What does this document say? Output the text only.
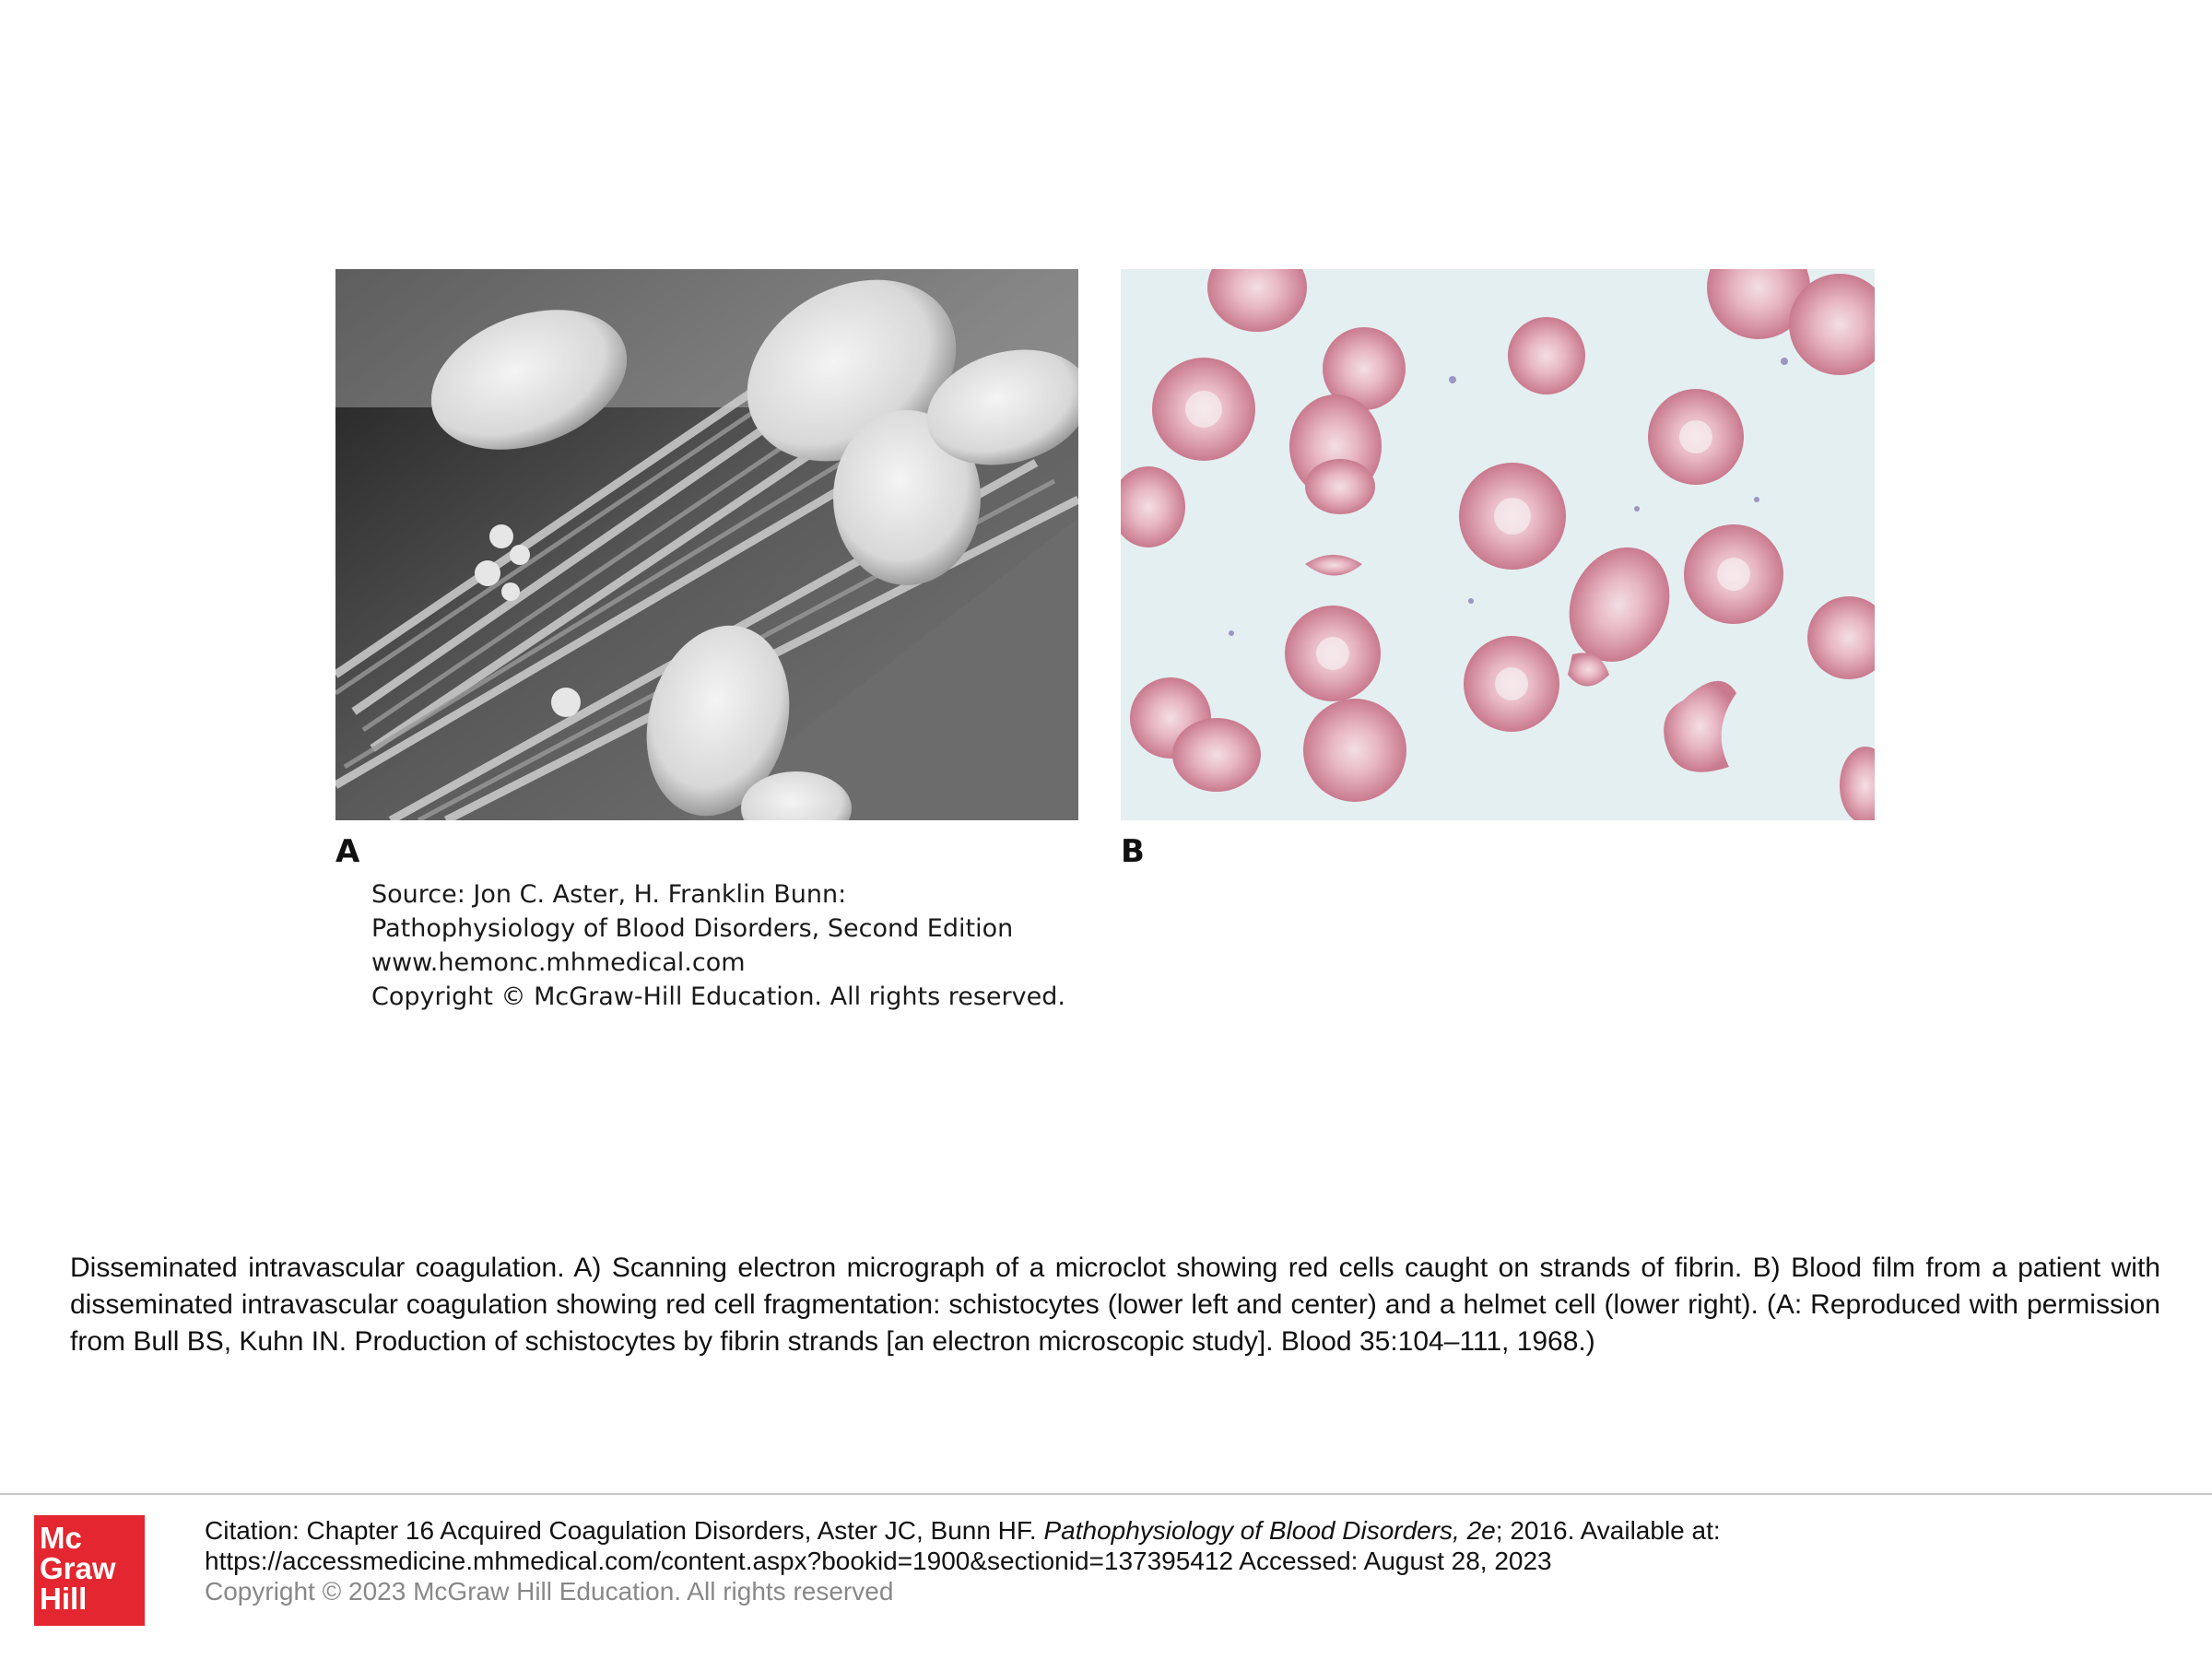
A	B
Source: Jon C. Aster, H. Franklin Bunn:
Pathophysiology of Blood Disorders, Second Edition
www.hemonc.mhmedical.com
Copyright © McGraw-Hill Education. All rights reserved.
Disseminated intravascular coagulation. A) Scanning electron micrograph of a microclot showing red cells caught on strands of fibrin. B) Blood film from a patient with disseminated intravascular coagulation showing red cell fragmentation: schistocytes (lower left and center) and a helmet cell (lower right). (A: Reproduced with permission from Bull BS, Kuhn IN. Production of schistocytes by fibrin strands [an electron microscopic study]. Blood 35:104–111, 1968.)
Mc
Graw
Hill
Citation: Chapter 16 Acquired Coagulation Disorders, Aster JC, Bunn HF. Pathophysiology of Blood Disorders, 2e; 2016. Available at:
https://accessmedicine.mhmedical.com/content.aspx?bookid=1900&sectionid=137395412 Accessed: August 28, 2023
Copyright © 2023 McGraw Hill Education. All rights reserved
